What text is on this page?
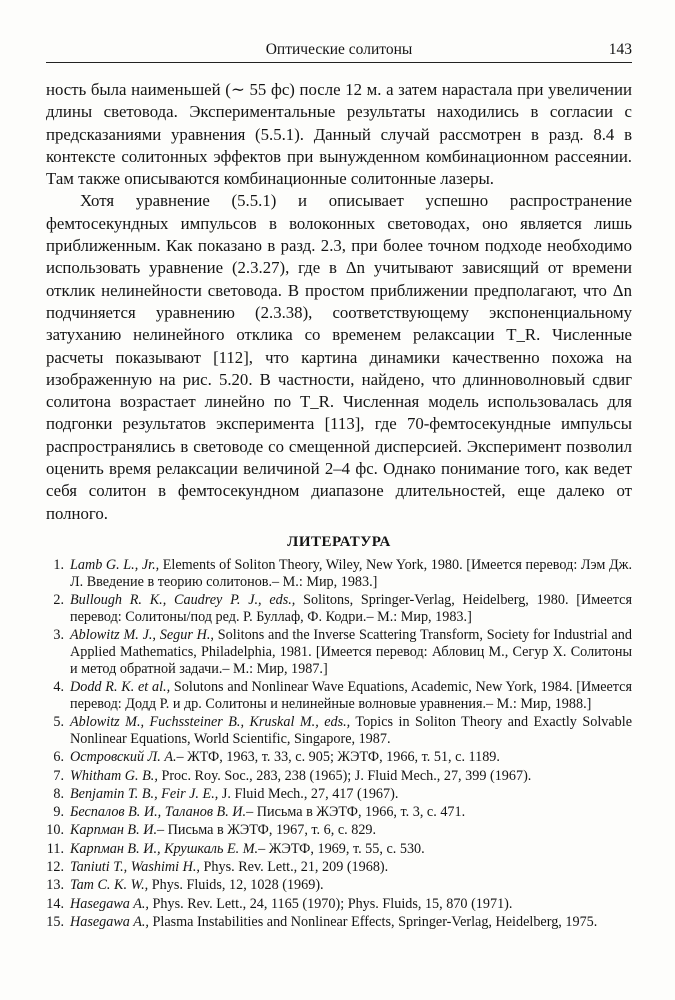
Оптические солитоны	143

ность была наименьшей (∼ 55 фс) после 12 м. а затем нарастала при увеличении длины световода. Экспериментальные результаты находились в согласии с предсказаниями уравнения (5.5.1). Данный случай рассмотрен в разд. 8.4 в контексте солитонных эффектов при вынужденном комбинационном рассеянии. Там также описываются комбинационные солитонные лазеры.

Хотя уравнение (5.5.1) и описывает успешно распространение фемтосекундных импульсов в волоконных световодах, оно является лишь приближенным. Как показано в разд. 2.3, при более точном подходе необходимо использовать уравнение (2.3.27), где в Δn учитывают зависящий от времени отклик нелинейности световода. В простом приближении предполагают, что Δn подчиняется уравнению (2.3.38), соответствующему экспоненциальному затуханию нелинейного отклика со временем релаксации T_R. Численные расчеты показывают [112], что картина динамики качественно похожа на изображенную на рис. 5.20. В частности, найдено, что длинноволновый сдвиг солитона возрастает линейно по T_R. Численная модель использовалась для подгонки результатов эксперимента [113], где 70-фемтосекундные импульсы распространялись в световоде со смещенной дисперсией. Эксперимент позволил оценить время релаксации величиной 2–4 фс. Однако понимание того, как ведет себя солитон в фемтосекундном диапазоне длительностей, еще далеко от полного.

ЛИТЕРАТУРА
1. Lamb G. L., Jr., Elements of Soliton Theory, Wiley, New York, 1980. [Имеется перевод: Лэм Дж. Л. Введение в теорию солитонов.– М.: Мир, 1983.]
2. Bullough R. K., Caudrey P. J., eds., Solitons, Springer-Verlag, Heidelberg, 1980. [Имеется перевод: Солитоны/под ред. Р. Буллаф, Ф. Кодри.– М.: Мир, 1983.]
3. Ablowitz M. J., Segur H., Solitons and the Inverse Scattering Transform, Society for Industrial and Applied Mathematics, Philadelphia, 1981. [Имеется перевод: Абловиц М., Сегур Х. Солитоны и метод обратной задачи.– М.: Мир, 1987.]
4. Dodd R. K. et al., Solutons and Nonlinear Wave Equations, Academic, New York, 1984. [Имеется перевод: Додд Р. и др. Солитоны и нелинейные волновые уравнения.– М.: Мир, 1988.]
5. Ablowitz M., Fuchssteiner B., Kruskal M., eds., Topics in Soliton Theory and Exactly Solvable Nonlinear Equations, World Scientific, Singapore, 1987.
6. Островский Л. А.– ЖТФ, 1963, т. 33, с. 905; ЖЭТФ, 1966, т. 51, с. 1189.
7. Whitham G. B., Proc. Roy. Soc., 283, 238 (1965); J. Fluid Mech., 27, 399 (1967).
8. Benjamin T. B., Feir J. E., J. Fluid Mech., 27, 417 (1967).
9. Беспалов В. И., Таланов В. И.– Письма в ЖЭТФ, 1966, т. 3, с. 471.
10. Карпман В. И.– Письма в ЖЭТФ, 1967, т. 6, с. 829.
11. Карпман В. И., Крушкаль Е. М.– ЖЭТФ, 1969, т. 55, с. 530.
12. Taniuti T., Washimi H., Phys. Rev. Lett., 21, 209 (1968).
13. Tam C. K. W., Phys. Fluids, 12, 1028 (1969).
14. Hasegawa A., Phys. Rev. Lett., 24, 1165 (1970); Phys. Fluids, 15, 870 (1971).
15. Hasegawa A., Plasma Instabilities and Nonlinear Effects, Springer-Verlag, Heidelberg, 1975.
